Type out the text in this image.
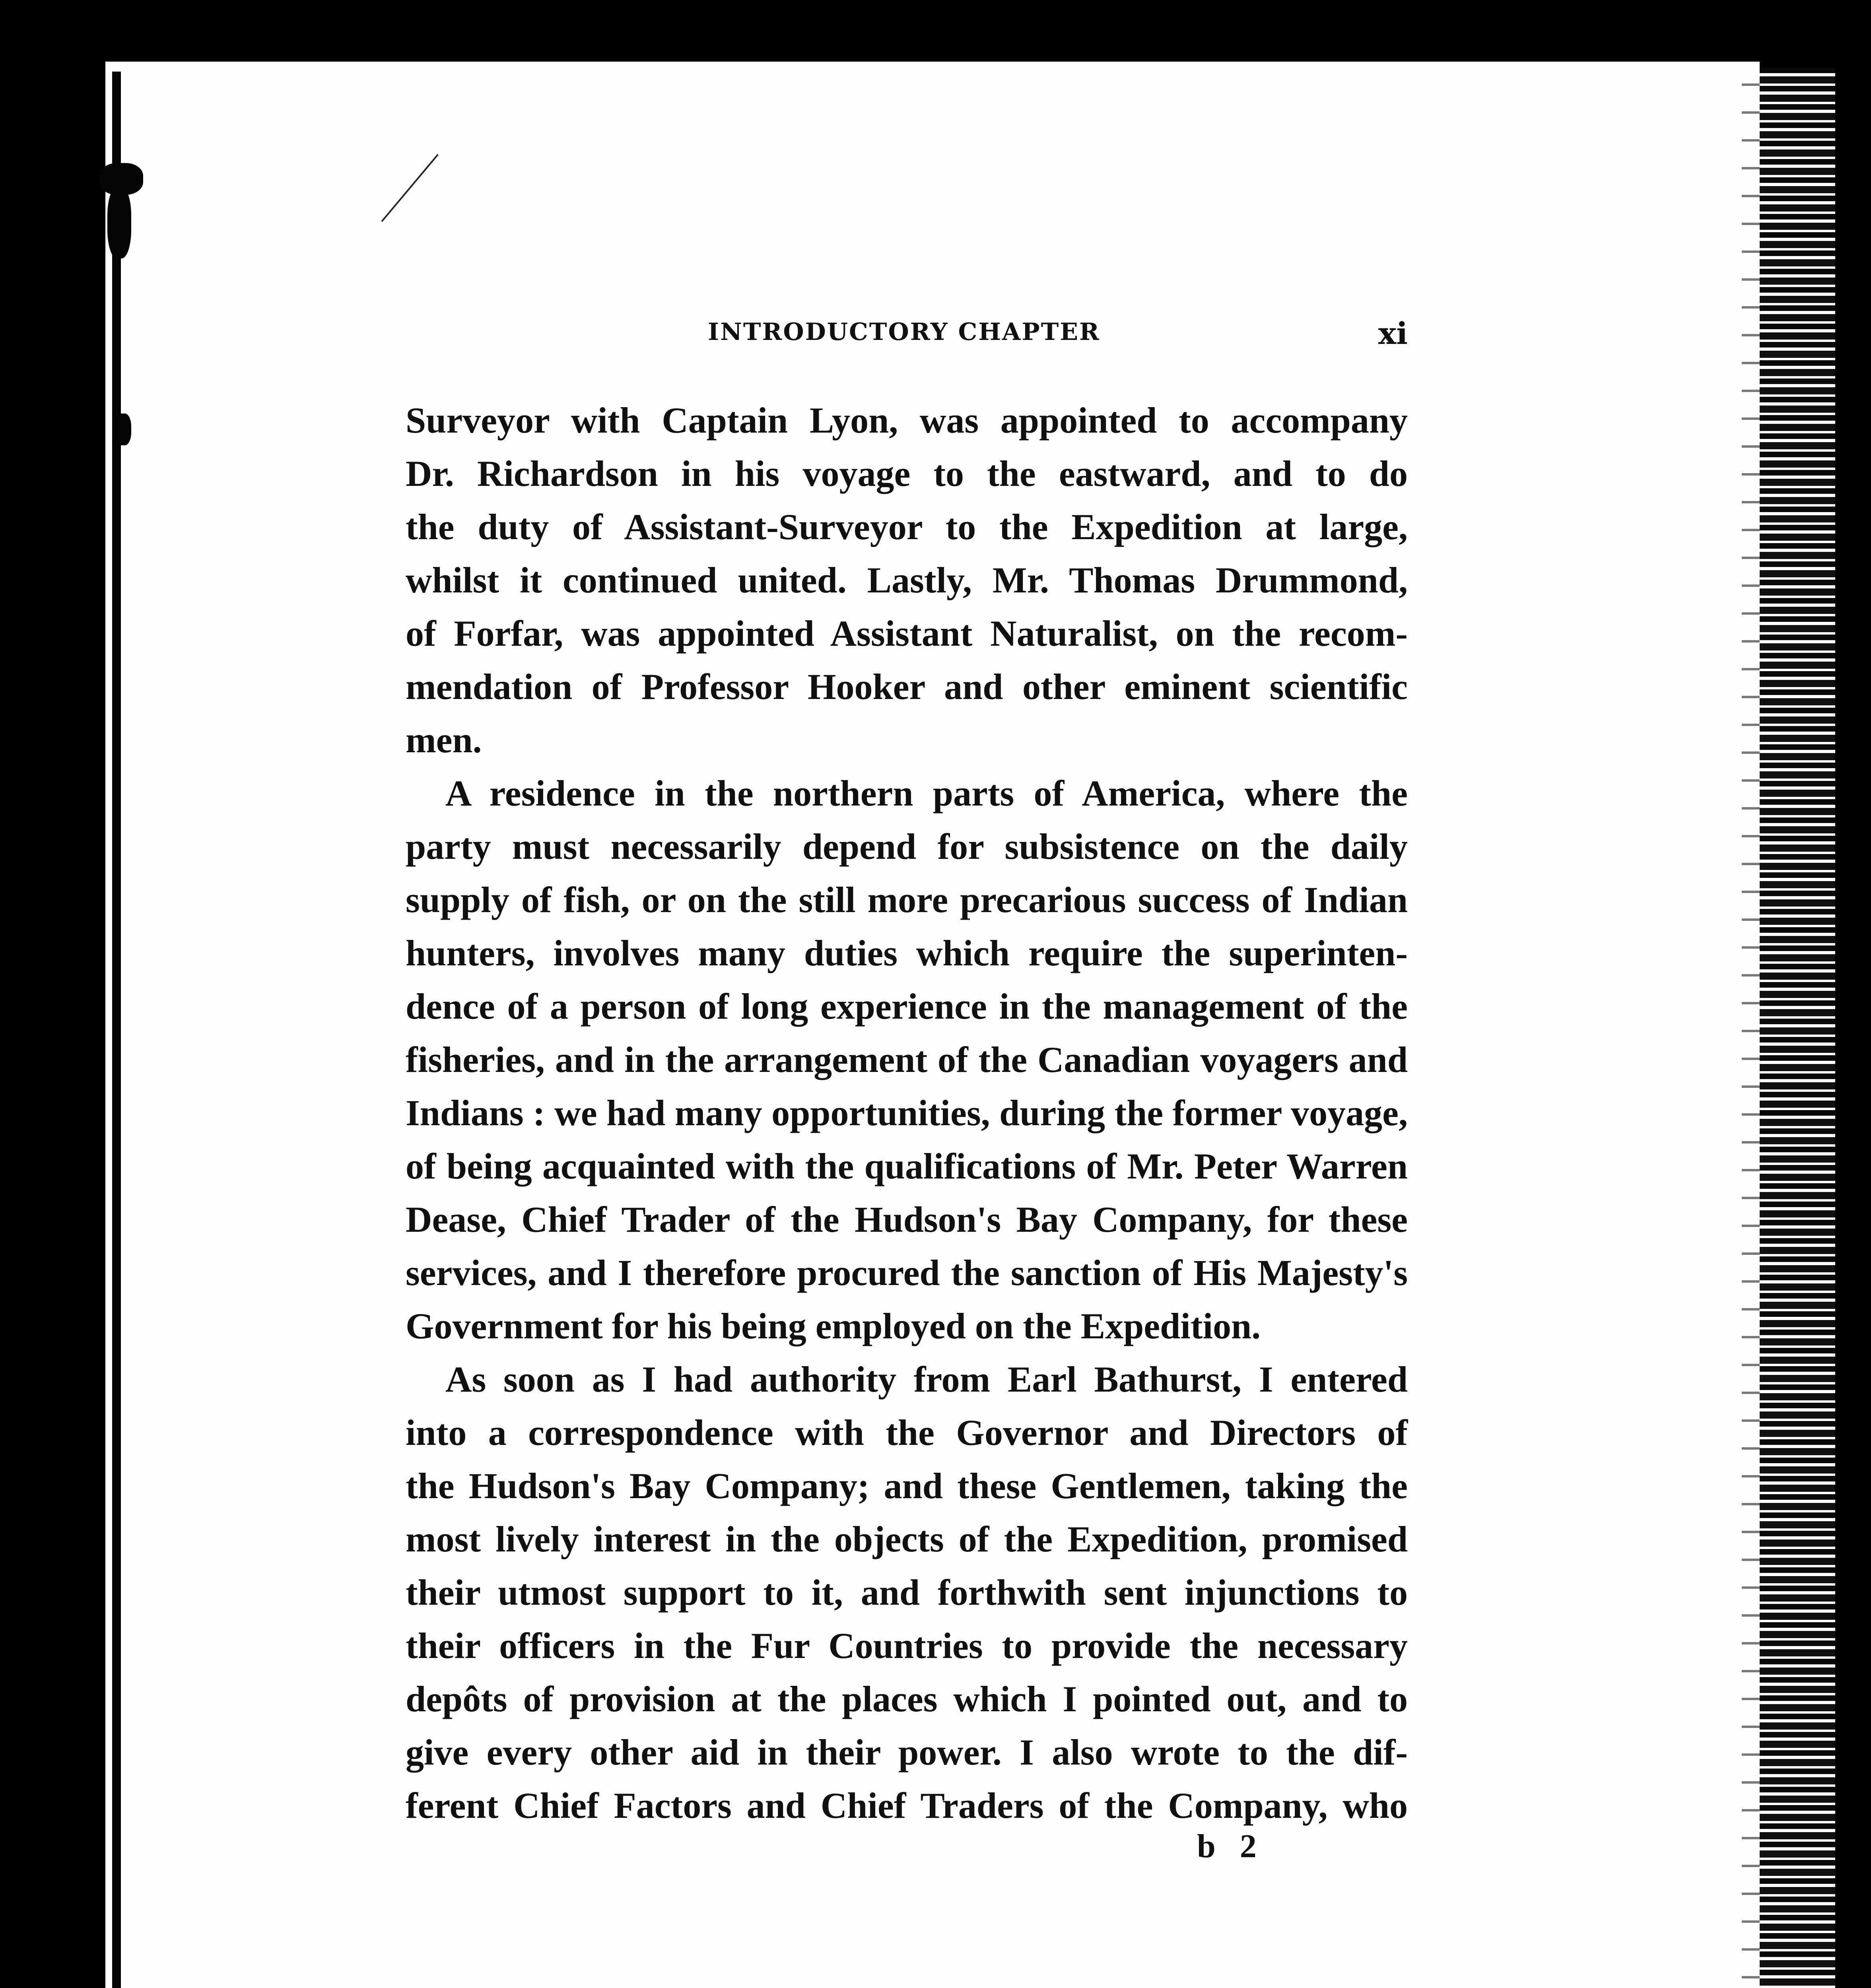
INTRODUCTORY CHAPTER	xi
Surveyor with Captain Lyon, was appointed to accompany
Dr. Richardson in his voyage to the eastward, and to do
the duty of Assistant-Surveyor to the Expedition at large,
whilst it continued united. Lastly, Mr. Thomas Drummond,
of Forfar, was appointed Assistant Naturalist, on the recom-
mendation of Professor Hooker and other eminent scientific
men.
A residence in the northern parts of America, where the
party must necessarily depend for subsistence on the daily
supply of fish, or on the still more precarious success of Indian
hunters, involves many duties which require the superinten-
dence of a person of long experience in the management of the
fisheries, and in the arrangement of the Canadian voyagers and
Indians : we had many opportunities, during the former voyage,
of being acquainted with the qualifications of Mr. Peter Warren
Dease, Chief Trader of the Hudson's Bay Company, for these
services, and I therefore procured the sanction of His Majesty's
Government for his being employed on the Expedition.
As soon as I had authority from Earl Bathurst, I entered
into a correspondence with the Governor and Directors of
the Hudson's Bay Company; and these Gentlemen, taking the
most lively interest in the objects of the Expedition, promised
their utmost support to it, and forthwith sent injunctions to
their officers in the Fur Countries to provide the necessary
depôts of provision at the places which I pointed out, and to
give every other aid in their power. I also wrote to the dif-
ferent Chief Factors and Chief Traders of the Company, who
b 2
